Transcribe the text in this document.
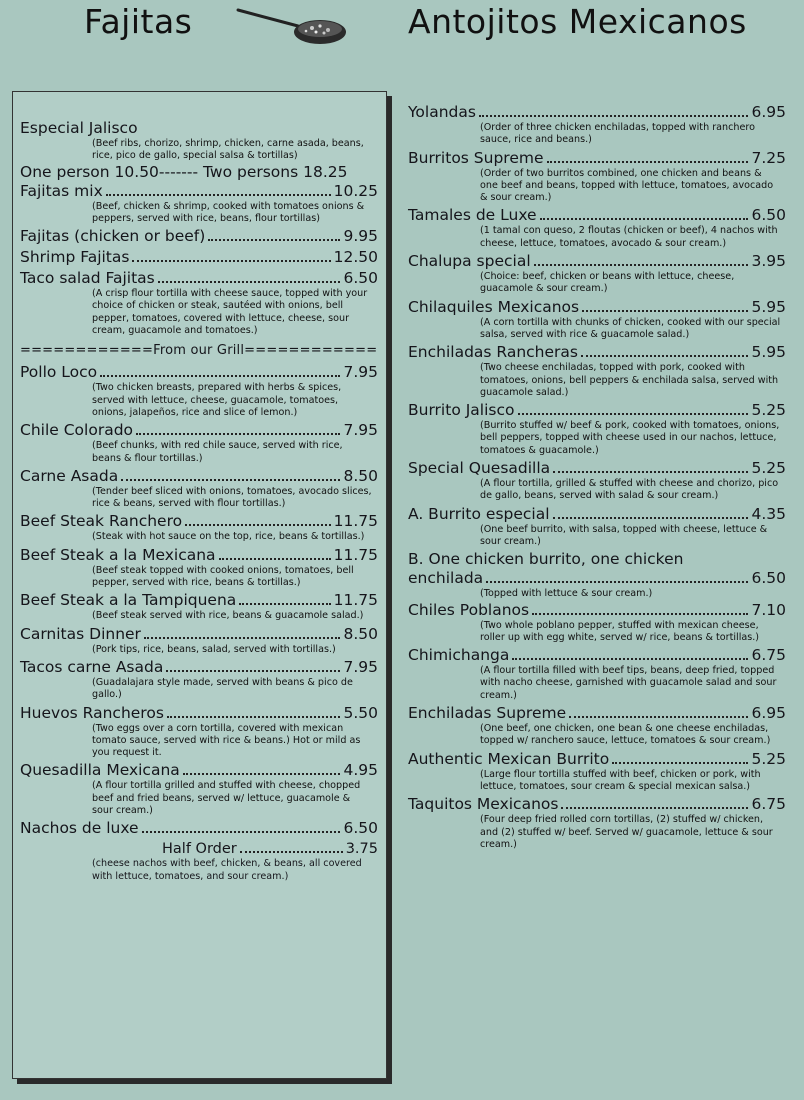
Fajitas	Antojitos Mexicanos
Especial Jalisco
(Beef ribs, chorizo, shrimp, chicken, carne asada, beans, rice, pico de gallo, special salsa & tortillas)
One person 10.50------- Two persons 18.25
Fajitas mix	10.25
(Beef, chicken & shrimp, cooked with tomatoes onions & peppers, served with rice, beans, flour tortillas)
Fajitas (chicken or beef)	9.95
Shrimp Fajitas	12.50
Taco salad Fajitas	6.50
(A crisp flour tortilla with cheese sauce, topped with your choice of chicken or steak, sautéed with onions, bell pepper, tomatoes, covered with lettuce, cheese, sour cream, guacamole and tomatoes.)
============From our Grill============
Pollo Loco	7.95
(Two chicken breasts, prepared with herbs & spices, served with lettuce, cheese, guacamole, tomatoes, onions, jalapeños, rice and slice of lemon.)
Chile Colorado	7.95
(Beef chunks, with red chile sauce, served with rice, beans & flour tortillas.)
Carne Asada	8.50
(Tender beef sliced with onions, tomatoes, avocado slices, rice & beans, served with flour tortillas.)
Beef Steak Ranchero	11.75
(Steak with hot sauce on the top, rice, beans & tortillas.)
Beef Steak a la Mexicana	11.75
(Beef steak topped with cooked onions, tomatoes, bell pepper, served with rice, beans & tortillas.)
Beef Steak a la Tampiquena	11.75
(Beef steak served with rice, beans & guacamole salad.)
Carnitas Dinner	8.50
(Pork tips, rice, beans, salad, served with tortillas.)
Tacos carne Asada	7.95
(Guadalajara style made, served with beans & pico de gallo.)
Huevos Rancheros	5.50
(Two eggs over a corn tortilla, covered with mexican tomato sauce, served with rice & beans.) Hot or mild as you request it.
Quesadilla Mexicana	4.95
(A flour tortilla grilled and stuffed with cheese, chopped beef and fried beans, served w/ lettuce, guacamole & sour cream.)
Nachos de luxe	6.50
Half Order	3.75
(cheese nachos with beef, chicken, & beans, all covered with lettuce, tomatoes, and sour cream.)
Yolandas	6.95
(Order of three chicken enchiladas, topped with ranchero sauce, rice and beans.)
Burritos Supreme	7.25
(Order of two burritos combined, one chicken and beans & one beef and beans, topped with lettuce, tomatoes, avocado & sour cream.)
Tamales de Luxe	6.50
(1 tamal con queso, 2 floutas (chicken or beef), 4 nachos with cheese, lettuce, tomatoes, avocado & sour cream.)
Chalupa special	3.95
(Choice: beef, chicken or beans with lettuce, cheese, guacamole & sour cream.)
Chilaquiles Mexicanos	5.95
(A corn tortilla with chunks of chicken, cooked with our special salsa, served with rice & guacamole salad.)
Enchiladas Rancheras	5.95
(Two cheese enchiladas, topped with pork, cooked with tomatoes, onions, bell peppers & enchilada salsa, served with guacamole salad.)
Burrito Jalisco	5.25
(Burrito stuffed w/ beef & pork, cooked with tomatoes, onions, bell peppers, topped with cheese used in our nachos, lettuce, tomatoes & guacamole.)
Special Quesadilla	5.25
(A flour tortilla, grilled & stuffed with cheese and chorizo, pico de gallo, beans, served with salad & sour cream.)
A. Burrito especial	4.35
(One beef burrito, with salsa, topped with cheese, lettuce & sour cream.)
B. One chicken burrito, one chicken
enchilada	6.50
(Topped with lettuce & sour cream.)
Chiles Poblanos	7.10
(Two whole poblano pepper, stuffed with mexican cheese, roller up with egg white, served w/ rice, beans & tortillas.)
Chimichanga	6.75
(A flour tortilla filled with beef tips, beans, deep fried, topped with nacho cheese, garnished with guacamole salad and sour cream.)
Enchiladas Supreme	6.95
(One beef, one chicken, one bean & one cheese enchiladas, topped w/ ranchero sauce, lettuce, tomatoes & sour cream.)
Authentic Mexican Burrito	5.25
(Large flour tortilla stuffed with beef, chicken or pork, with lettuce, tomatoes, sour cream & special mexican salsa.)
Taquitos Mexicanos	6.75
(Four deep fried rolled corn tortillas, (2) stuffed w/ chicken, and (2) stuffed w/ beef. Served w/ guacamole, lettuce & sour cream.)
